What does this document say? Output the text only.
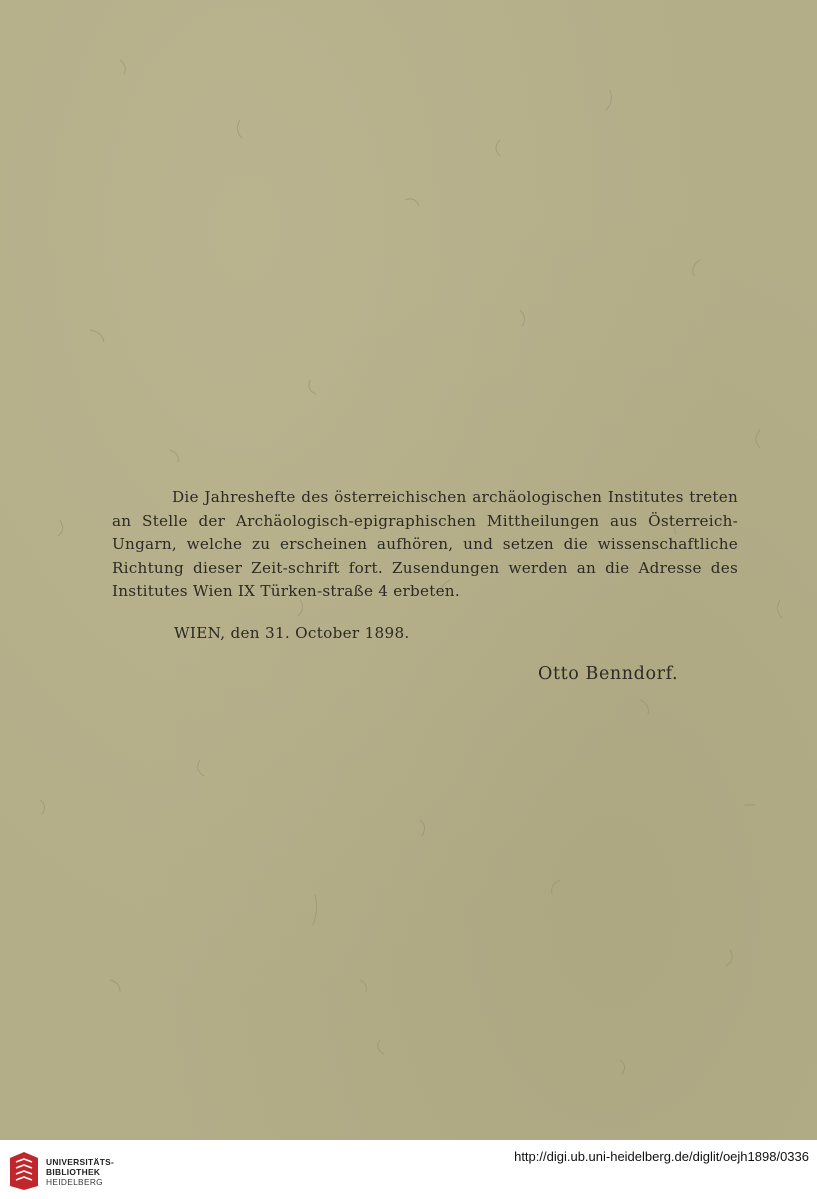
Die Jahreshefte des österreichischen archäologischen Institutes treten an Stelle der Archäologisch-epigraphischen Mittheilungen aus Österreich-Ungarn, welche zu erscheinen aufhören, und setzen die wissenschaftliche Richtung dieser Zeit-schrift fort. Zusendungen werden an die Adresse des Institutes Wien IX Türken-straße 4 erbeten.

WIEN, den 31. October 1898.
Otto Benndorf.
UNIVERSITÄTS-
BIBLIOTHEK
HEIDELBERG
http://digi.ub.uni-heidelberg.de/diglit/oejh1898/0336
